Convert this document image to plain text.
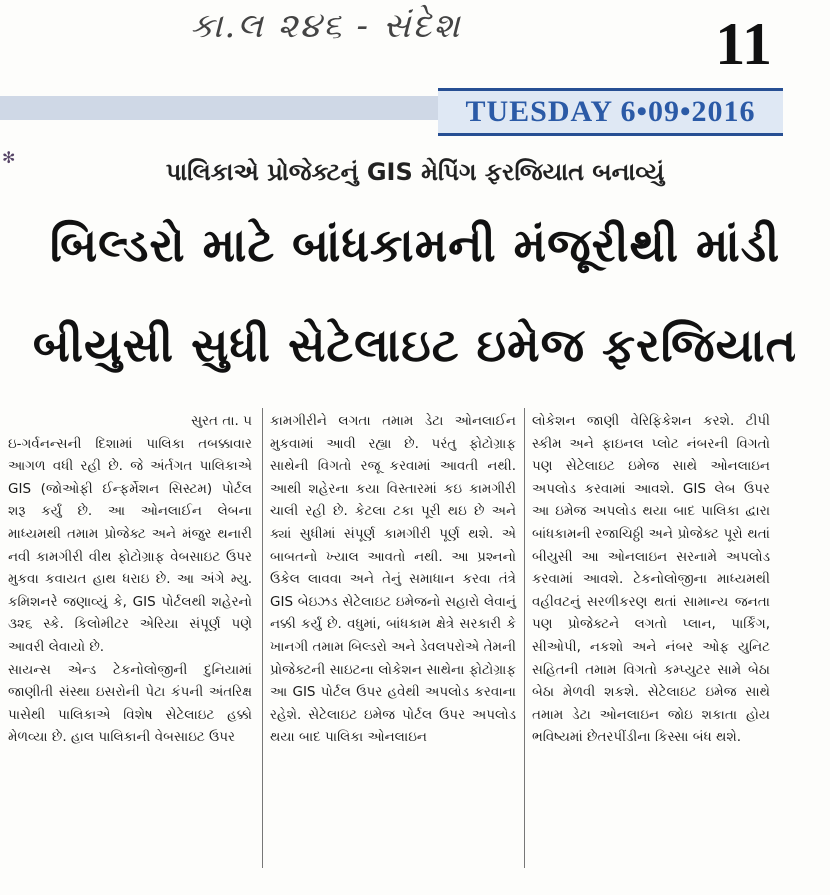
કા.લ ૨૪૬ - સંદેશ	11
TUESDAY 6•09•2016
✻
પાલિકાએ પ્રોજેક્ટનું GIS મેપિંગ ફરજિયાત બનાવ્યું
બિલ્ડરો માટે બાંધકામની મંજૂરીથી માંડી
બીયુસી સુધી સેટેલાઇટ ઇમેજ ફરજિયાત

સુરત તા. ૫

ઇ-ગર્વનન્સની દિશામાં પાલિકા તબક્કાવાર આગળ વધી રહી છે. જે અંર્તગત પાલિકાએ GIS (જોઓફી ઈન્ફર્મેશન સિસ્ટમ) પોર્ટલ શરૂ કર્યું છે. આ ઓનલાઈન લેબના માધ્યમથી તમામ પ્રોજેક્ટ અને મંજુર થનારી નવી કામગીરી વીથ ફોટોગ્રાફ વેબસાઇટ ઉપર મુકવા કવાયત હાથ ધરાઇ છે. આ અંગે મ્યુ. કમિશનરે જણાવ્યું કે, GIS પોર્ટલથી શહેરનો ૩૨૬ સ્કે. કિલોમીટર એરિયા સંપૂર્ણ પણે આવરી લેવાયો છે.

સાયન્સ એન્ડ ટેકનોલોજીની દુનિયામાં જાણીતી સંસ્થા ઇસરોની પેટા કંપની અંતરિક્ષ પાસેથી પાલિકાએ વિશેષ સેટેલાઇટ હક્કો મેળવ્યા છે. હાલ પાલિકાની વેબસાઇટ ઉપર

કામગીરીને લગતા તમામ ડેટા ઓનલાઈન મુકવામાં આવી રહ્યા છે. પરંતુ ફોટોગ્રાફ સાથેની વિગતો રજૂ કરવામાં આવતી નથી. આથી શહેરના કયા વિસ્તારમાં કઇ કામગીરી ચાલી રહી છે. કેટલા ટકા પૂરી થઇ છે અને ક્યાં સુધીમાં સંપૂર્ણ કામગીરી પૂર્ણ થશે. એ બાબતનો ખ્યાલ આવતો નથી. આ પ્રશ્નનો ઉકેલ લાવવા અને તેનું સમાધાન કરવા તંત્રે GIS બેઇઝડ સેટેલાઇટ ઇમેજનો સહારો લેવાનું નક્કી કર્યું છે. વધુમાં, બાંધકામ ક્ષેત્રે સરકારી કે ખાનગી તમામ બિલ્ડરો અને ડેવલપરોએ તેમની પ્રોજેક્ટની સાઇટના લોકેશન સાથેના ફોટોગ્રાફ આ GIS પોર્ટલ ઉપર હવેથી અપલોડ કરવાના રહેશે. સેટેલાઇટ ઇમેજ પોર્ટલ ઉપર અપલોડ થયા બાદ પાલિકા ઓનલાઇન

લોકેશન જાણી વેરિફિકેશન કરશે. ટીપી સ્કીમ અને ફાઇનલ પ્લોટ નંબરની વિગતો પણ સેટેલાઇટ ઇમેજ સાથે ઓનલાઇન અપલોડ કરવામાં આવશે. GIS લેબ ઉપર આ ઇમેજ અપલોડ થયા બાદ પાલિકા દ્વારા બાંધકામની રજાચિઠ્ઠી અને પ્રોજેક્ટ પૂરો થતાં બીયુસી આ ઓનલાઇન સરનામે અપલોડ કરવામાં આવશે. ટેકનોલોજીના માધ્યમથી વહીવટનું સરળીકરણ થતાં સામાન્ય જનતા પણ પ્રોજેક્ટને લગતો પ્લાન, પાર્કિંગ, સીઓપી, નકશો અને નંબર ઓફ યુનિટ સહિતની તમામ વિગતો કમ્પ્યુટર સામે બેઠા બેઠા મેળવી શકશે. સેટેલાઇટ ઇમેજ સાથે તમામ ડેટા ઓનલાઇન જોઇ શકાતા હોય ભવિષ્યમાં છેતરપીંડીના કિસ્સા બંધ થશે.
